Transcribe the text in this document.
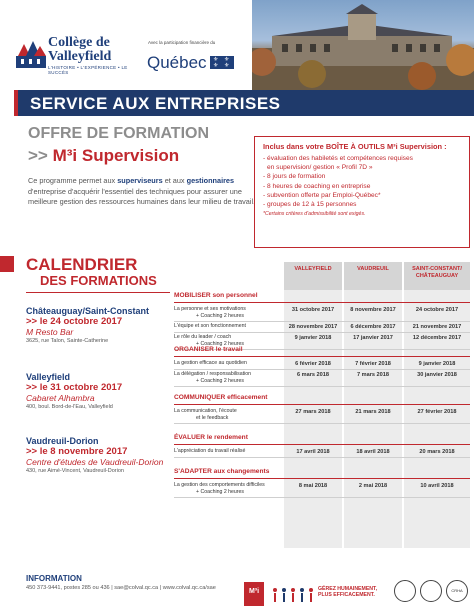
Collège de Valleyfield
L'HISTOIRE • L'EXPÉRIENCE • LE SUCCÈS
Avec la participation financière du
Québec ⚜ ⚜
⚜ ⚜
SERVICE AUX ENTREPRISES
OFFRE DE FORMATION
>> M³i Supervision
Ce programme permet aux superviseurs et aux gestionnaires d'entreprise d'acquérir l'essentiel des techniques pour assurer une meilleure gestion des ressources humaines dans leur milieu de travail.
Inclus dans votre BOÎTE À OUTILS M³i Supervision :
- évaluation des habiletés et compétences requises
en supervision/ gestion « Profil 7D »
- 8 jours de formation
- 8 heures de coaching en entreprise
- subvention offerte par Emploi-Québec*
- groupes de 12 à 15 personnes
*Certains critères d'admissibilité sont exigés.
CALENDRIER
DES FORMATIONS
Châteauguay/Saint-Constant
>> le 24 octobre 2017
M Resto Bar
3625, rue Talon, Sainte-Catherine
Valleyfield
>> le 31 octobre 2017
Cabaret Alhambra
400, boul. Bord-de-l'Eau, Valleyfield
Vaudreuil-Dorion
>> le 8 novembre 2017
Centre d'études de Vaudreuil-Dorion
430, rue Aimé-Vincent, Vaudreuil-Dorion
VALLEYFIELD	VAUDREUIL	SAINT-CONSTANT/ CHÂTEAUGUAY
MOBILISER son personnel
La personne et ses motivations
+ Coaching 2 heures
31 octobre 2017	8 novembre 2017	24 octobre 2017
L'équipe et son fonctionnement	28 novembre 2017	6 décembre 2017	21 novembre 2017
Le rôle du leader / coach
+ Coaching 2 heures
9 janvier 2018	17 janvier 2017	12 décembre 2017
ORGANISER le travail
La gestion efficace au quotidien	6 février 2018	7 février 2018	9 janvier 2018
La délégation / responsabilisation
+ Coaching 2 heures
6 mars 2018	7 mars 2018	30 janvier 2018
COMMUNIQUER efficacement
La communication, l'écoute
et le feedback
27 mars 2018	21 mars 2018	27 février 2018
ÉVALUER le rendement
L'appréciation du travail réalisé	17 avril 2018	18 avril 2018	20 mars 2018
S'ADAPTER aux changements
La gestion des comportements difficiles
+ Coaching 2 heures
8 mai 2018	2 mai 2018	10 avril 2018
INFORMATION
450 373-9441, postes 285 ou 436 | sae@colval.qc.ca | www.colval.qc.ca/sae	M³i	GÉREZ HUMAINEMENT,
PLUS EFFICACEMENT.
CRHA
